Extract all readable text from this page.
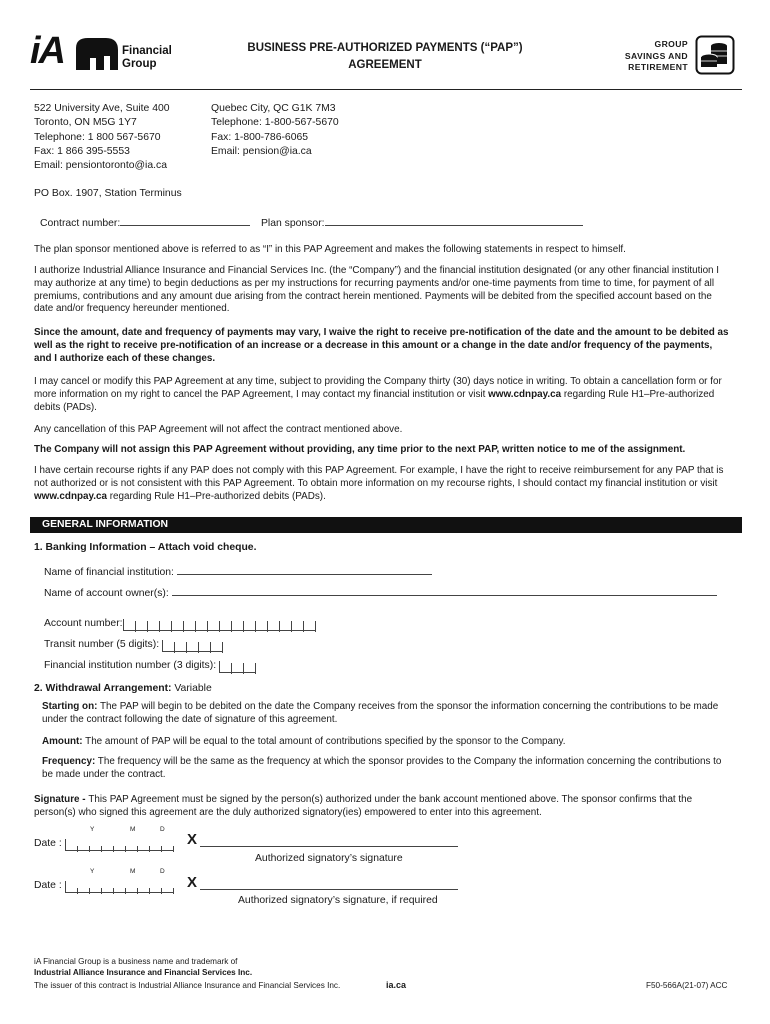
iA	Financial
Group
BUSINESS PRE-AUTHORIZED PAYMENTS (“PAP”)
AGREEMENT
GROUP
SAVINGS AND
RETIREMENT
522 University Ave, Suite 400
Toronto, ON M5G 1Y7
Telephone: 1 800 567-5670
Fax: 1 866 395-5553
Email: pensiontoronto@ia.ca
Quebec City, QC G1K 7M3
Telephone: 1-800-567-5670
Fax: 1-800-786-6065
Email: pension@ia.ca
PO Box. 1907, Station Terminus
Contract number:	Plan sponsor:
The plan sponsor mentioned above is referred to as “I” in this PAP Agreement and makes the following statements in respect to himself.
I authorize Industrial Alliance Insurance and Financial Services Inc. (the “Company”) and the financial institution designated (or any other financial institution I may authorize at any time) to begin deductions as per my instructions for recurring payments and/or one-time payments from time to time, for payment of all premiums, contributions and any amount due arising from the contract herein mentioned. Payments will be debited from the specified account based on the date and/or frequency hereunder mentioned.
Since the amount, date and frequency of payments may vary, I waive the right to receive pre-notification of the date and the amount to be debited as well as the right to receive pre-notification of an increase or a decrease in this amount or a change in the date and/or frequency of the payments, and I authorize each of these changes.
I may cancel or modify this PAP Agreement at any time, subject to providing the Company thirty (30) days notice in writing. To obtain a cancellation form or for more information on my right to cancel the PAP Agreement, I may contact my financial institution or visit www.cdnpay.ca regarding Rule H1–Pre-authorized debits (PADs).
Any cancellation of this PAP Agreement will not affect the contract mentioned above.
The Company will not assign this PAP Agreement without providing, any time prior to the next PAP, written notice to me of the assignment.
I have certain recourse rights if any PAP does not comply with this PAP Agreement. For example, I have the right to receive reimbursement for any PAP that is not authorized or is not consistent with this PAP Agreement. To obtain more information on my recourse rights, I should contact my financial institution or visit www.cdnpay.ca regarding Rule H1–Pre-authorized debits (PADs).
GENERAL INFORMATION
1. Banking Information – Attach void cheque.
Name of financial institution:
Name of account owner(s):
Account number:
Transit number (5 digits):
Financial institution number (3 digits):
2. Withdrawal Arrangement: Variable
Starting on: The PAP will begin to be debited on the date the Company receives from the sponsor the information concerning the contributions to be made under the contract following the date of signature of this agreement.
Amount: The amount of PAP will be equal to the total amount of contributions specified by the sponsor to the Company.
Frequency: The frequency will be the same as the frequency at which the sponsor provides to the Company the information concerning the contributions to be made under the contract.
Signature - This PAP Agreement must be signed by the person(s) authorized under the bank account mentioned above. The sponsor confirms that the person(s) who signed this agreement are the duly authorized signatory(ies) empowered to enter into this agreement.
Y	M	D
Date :	X
Authorized signatory’s signature
Y	M	D
Date :	X
Authorized signatory’s signature, if required
iA Financial Group is a business name and trademark of
Industrial Alliance Insurance and Financial Services Inc.
The issuer of this contract is Industrial Alliance Insurance and Financial Services Inc.	ia.ca	F50-566A(21-07) ACC
